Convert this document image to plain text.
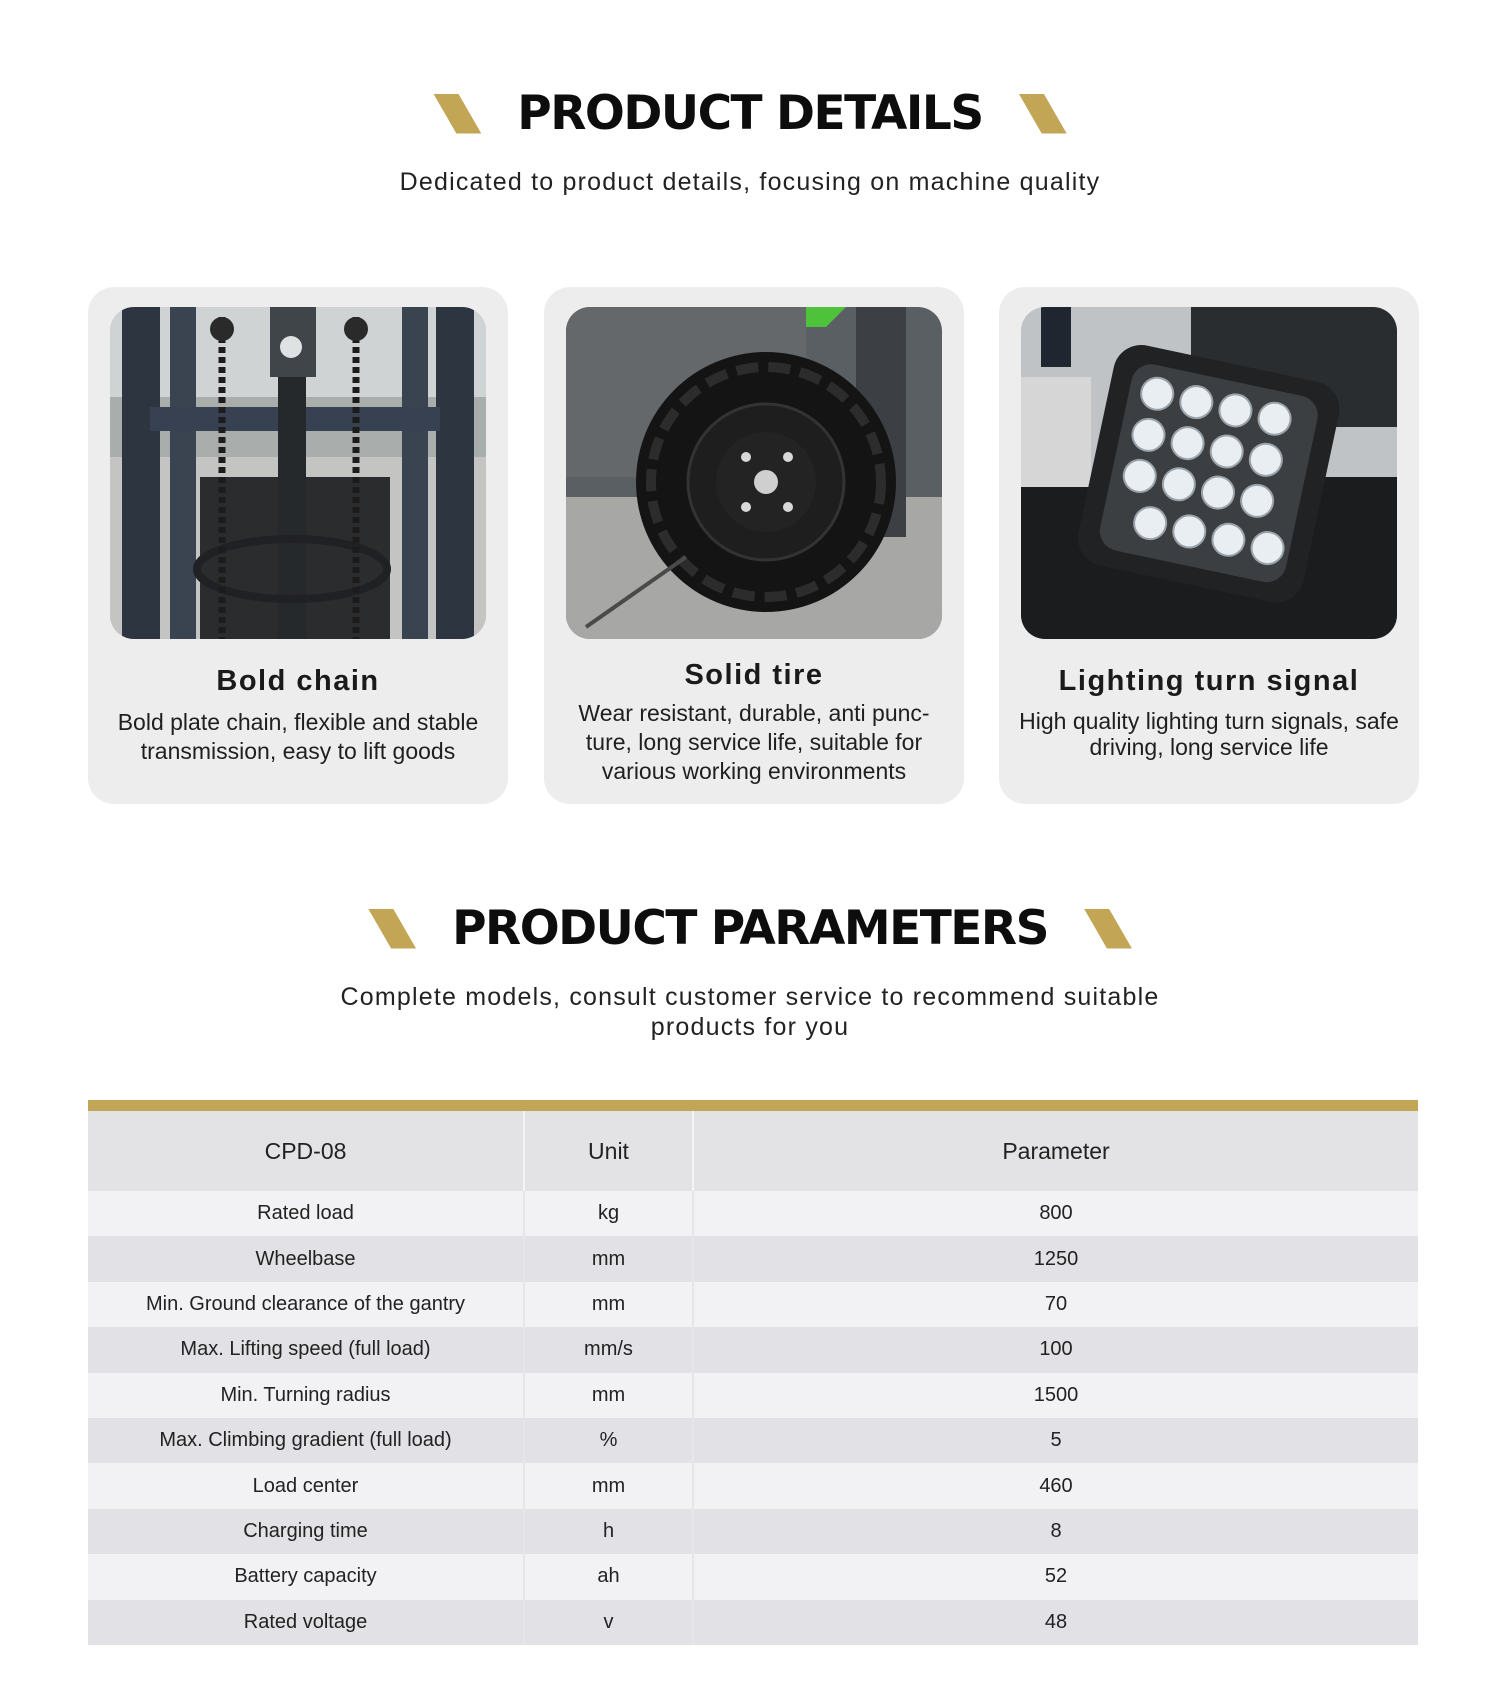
PRODUCT DETAILS

Dedicated to product details, focusing on machine quality

Bold chain

Bold plate chain, flexible and stable transmission, easy to lift goods

Solid tire

Wear resistant, durable, anti punc-ture, long service life, suitable for various working environments

Lighting turn signal

High quality lighting turn signals, safe driving, long service life

PRODUCT PARAMETERS

Complete models, consult customer service to recommend suitable products for you

CPD-08	Unit	Parameter
Rated load	kg	800
Wheelbase	mm	1250
Min. Ground clearance of the gantry	mm	70
Max. Lifting speed (full load)	mm/s	100
Min. Turning radius	mm	1500
Max. Climbing gradient (full load)	%	5
Load center	mm	460
Charging time	h	8
Battery capacity	ah	52
Rated voltage	v	48
